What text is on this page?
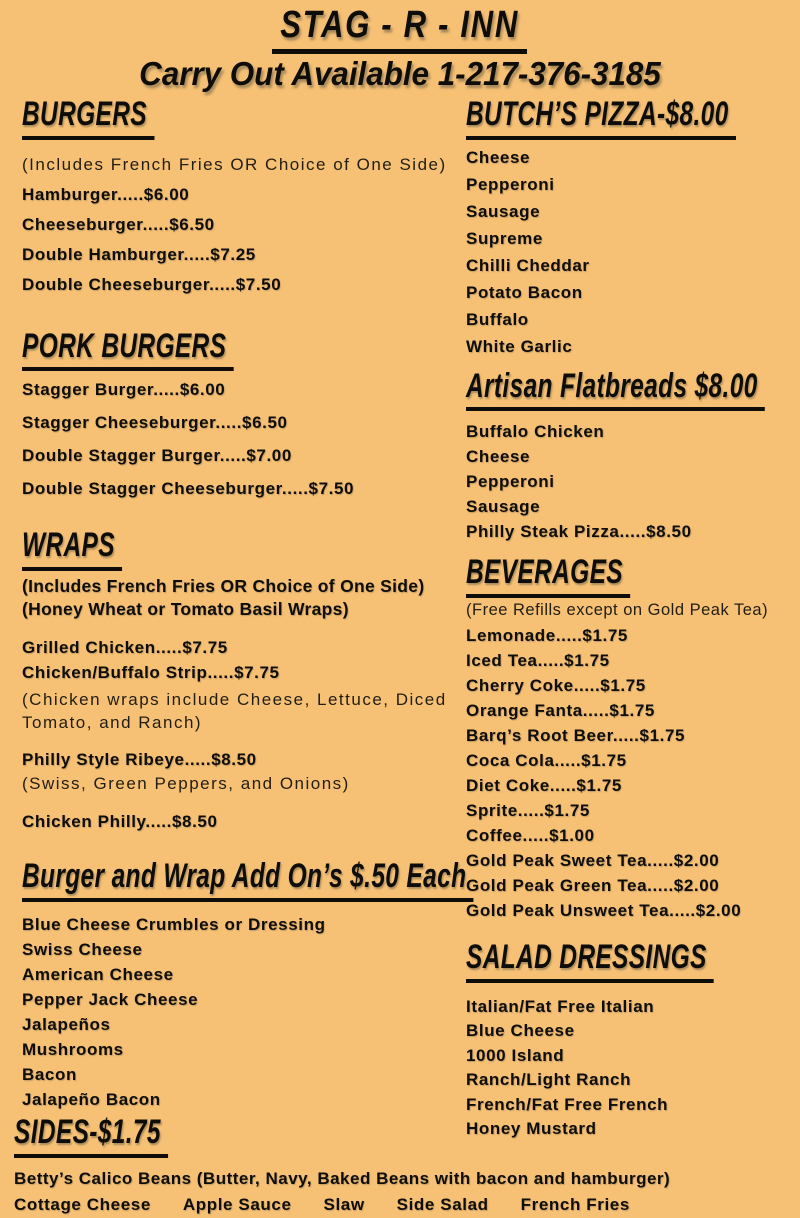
STAG - R - INN
Carry Out Available 1-217-376-3185
BURGERS
(Includes French Fries OR Choice of One Side)
Hamburger.....$6.00
Cheeseburger.....$6.50
Double Hamburger.....$7.25
Double Cheeseburger.....$7.50
PORK BURGERS
Stagger Burger.....$6.00
Stagger Cheeseburger.....$6.50
Double Stagger Burger.....$7.00
Double Stagger Cheeseburger.....$7.50
WRAPS
(Includes French Fries OR Choice of One Side)
(Honey Wheat or Tomato Basil Wraps)
Grilled Chicken.....$7.75
Chicken/Buffalo Strip.....$7.75
(Chicken wraps include Cheese, Lettuce, Diced Tomato, and Ranch)
Philly Style Ribeye.....$8.50
(Swiss, Green Peppers, and Onions)
Chicken Philly.....$8.50
Burger and Wrap Add On’s $.50 Each
Blue Cheese Crumbles or Dressing
Swiss Cheese
American Cheese
Pepper Jack Cheese
Jalapeños
Mushrooms
Bacon
Jalapeño Bacon
BUTCH’S PIZZA-$8.00
Cheese
Pepperoni
Sausage
Supreme
Chilli Cheddar
Potato Bacon
Buffalo
White Garlic
Artisan Flatbreads $8.00
Buffalo Chicken
Cheese
Pepperoni
Sausage
Philly Steak Pizza.....$8.50
BEVERAGES
(Free Refills except on Gold Peak Tea)
Lemonade.....$1.75
Iced Tea.....$1.75
Cherry Coke.....$1.75
Orange Fanta.....$1.75
Barq’s Root Beer.....$1.75
Coca Cola.....$1.75
Diet Coke.....$1.75
Sprite.....$1.75
Coffee.....$1.00
Gold Peak Sweet Tea.....$2.00
Gold Peak Green Tea.....$2.00
Gold Peak Unsweet Tea.....$2.00
SALAD DRESSINGS
Italian/Fat Free Italian
Blue Cheese
1000 Island
Ranch/Light Ranch
French/Fat Free French
Honey Mustard
SIDES-$1.75
Betty’s Calico Beans (Butter, Navy, Baked Beans with bacon and hamburger)
Cottage Cheese Apple Sauce Slaw Side Salad French Fries
